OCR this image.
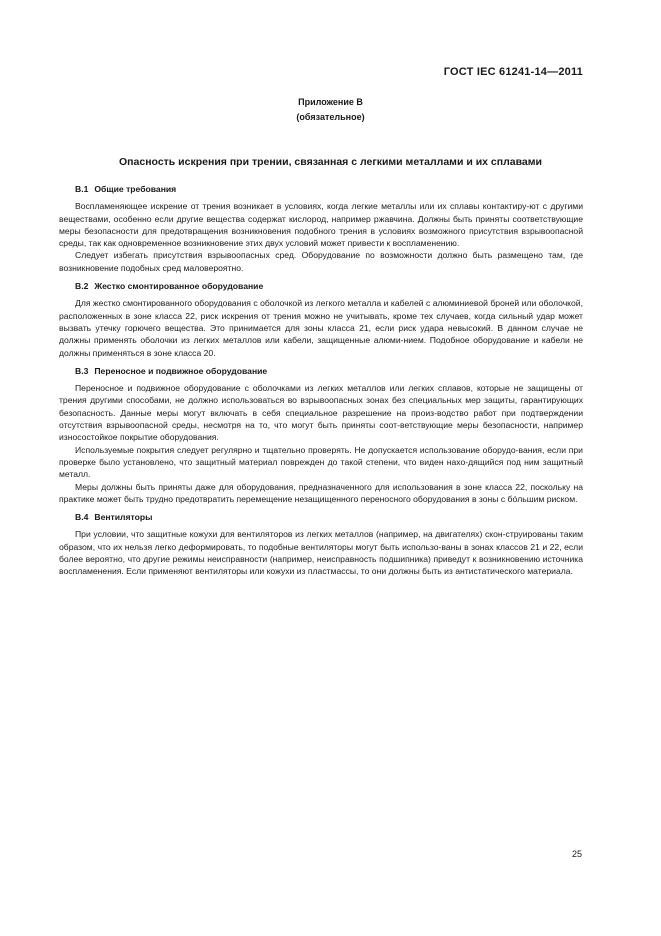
ГОСТ IEC 61241-14—2011
Приложение В
(обязательное)
Опасность искрения при трении, связанная с легкими металлами и их сплавами

В.1 Общие требования

Воспламеняющее искрение от трения возникает в условиях, когда легкие металлы или их сплавы контактиру-ют с другими веществами, особенно если другие вещества содержат кислород, например ржавчина. Должны быть приняты соответствующие меры безопасности для предотвращения возникновения подобного трения в условиях возможного присутствия взрывоопасной среды, так как одновременное возникновение этих двух условий может привести к воспламенению.

Следует избегать присутствия взрывоопасных сред. Оборудование по возможности должно быть размещено там, где возникновение подобных сред маловероятно.

В.2 Жестко смонтированное оборудование

Для жестко смонтированного оборудования с оболочкой из легкого металла и кабелей с алюминиевой броней или оболочкой, расположенных в зоне класса 22, риск искрения от трения можно не учитывать, кроме тех случаев, когда сильный удар может вызвать утечку горючего вещества. Это принимается для зоны класса 21, если риск удара невысокий. В данном случае не должны применять оболочки из легких металлов или кабели, защищенные алюми-нием. Подобное оборудование и кабели не должны применяться в зоне класса 20.

В.3 Переносное и подвижное оборудование

Переносное и подвижное оборудование с оболочками из легких металлов или легких сплавов, которые не защищены от трения другими способами, не должно использоваться во взрывоопасных зонах без специальных мер защиты, гарантирующих безопасность. Данные меры могут включать в себя специальное разрешение на произ-водство работ при подтверждении отсутствия взрывоопасной среды, несмотря на то, что могут быть приняты соот-ветствующие меры безопасности, например износостойкое покрытие оборудования.

Используемые покрытия следует регулярно и тщательно проверять. Не допускается использование оборудо-вания, если при проверке было установлено, что защитный материал поврежден до такой степени, что виден нахо-дящийся под ним защитный металл.

Меры должны быть приняты даже для оборудования, предназначенного для использования в зоне класса 22, поскольку на практике может быть трудно предотвратить перемещение незащищенного переносного оборудования в зоны с бóльшим риском.

В.4 Вентиляторы

При условии, что защитные кожухи для вентиляторов из легких металлов (например, на двигателях) скон-струированы таким образом, что их нельзя легко деформировать, то подобные вентиляторы могут быть использо-ваны в зонах классов 21 и 22, если более вероятно, что другие режимы неисправности (например, неисправность подшипника) приведут к возникновению источника воспламенения. Если применяют вентиляторы или кожухи из пластмассы, то они должны быть из антистатического материала.

25
